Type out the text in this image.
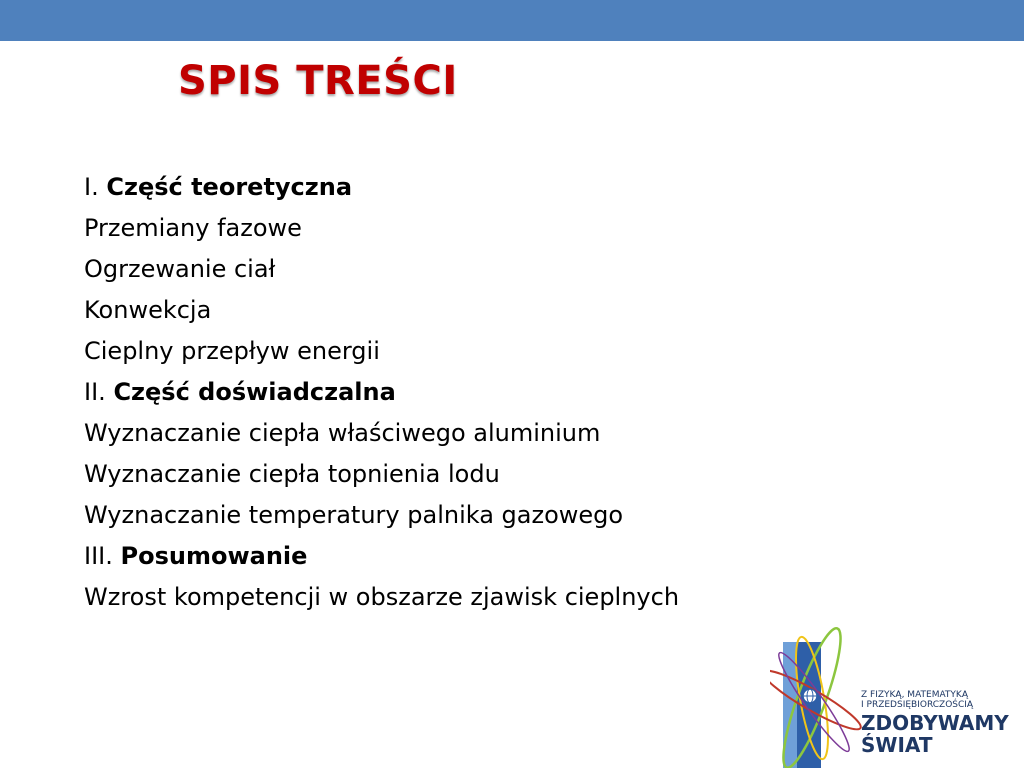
SPIS TREŚCI
I. Część teoretyczna
Przemiany fazowe
Ogrzewanie ciał
Konwekcja
Cieplny przepływ energii
II. Część doświadczalna
Wyznaczanie ciepła właściwego aluminium
Wyznaczanie ciepła topnienia lodu
Wyznaczanie temperatury palnika gazowego
III. Posumowanie
Wzrost kompetencji w obszarze zjawisk cieplnych
Z FIZYKĄ, MATEMATYKĄ
I PRZEDSIĘBIORCZOŚCIĄ
ZDOBYWAMY
ŚWIAT
